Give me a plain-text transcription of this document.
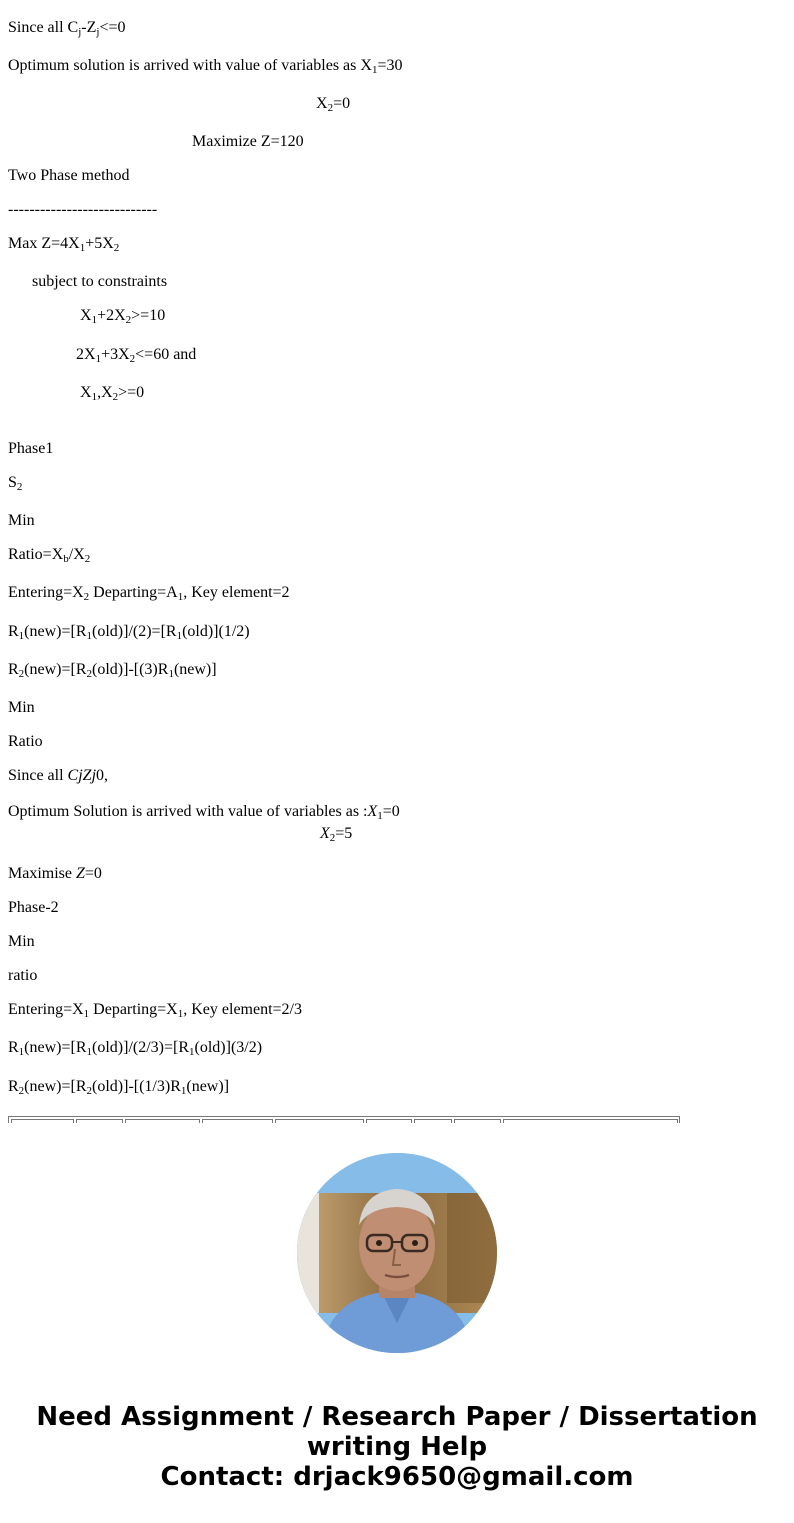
Since all $C_j-Z_j<=0$
Optimum solution is arrived with value of variables as $X_1=30$
$X_2=0$
Maximize Z=120
Two Phase method
----------------------------
Max $Z=4X_1+5X_2$
subject to constraints
$X_1+2X_2>=10$
$2X_1+3X_2<=60$ and
$X_1,X_2>=0$
Phase1
$S_2$
Min
$Ratio=X_b/X_2$
$Entering=X_2$ $Departing=A_1$, Key element=2
$R_1(new)=[R_1(old)]/(2)=[R_1(old)](1/2)$
$R_2(new)=[R_2(old)]-[(3)R_1(new)]$
Min
Ratio
Since all CjZj0,
Optimum Solution is arrived with value of variables as $:X_1=0$
$X_2=5$
Maximise Z=0
Phase-2
Min
ratio
$Entering=X_1$ $Departing=X_1$, Key element=2/3
$R_1(new)=[R_1(old)]/(2/3)=[R_1(old)](3/2)$
$R_2(new)=[R_2(old)]-[(1/3)R_1(new)]$
Need Assignment / Research Paper / Dissertation
writing Help
Contact: drjack9650@gmail.com
